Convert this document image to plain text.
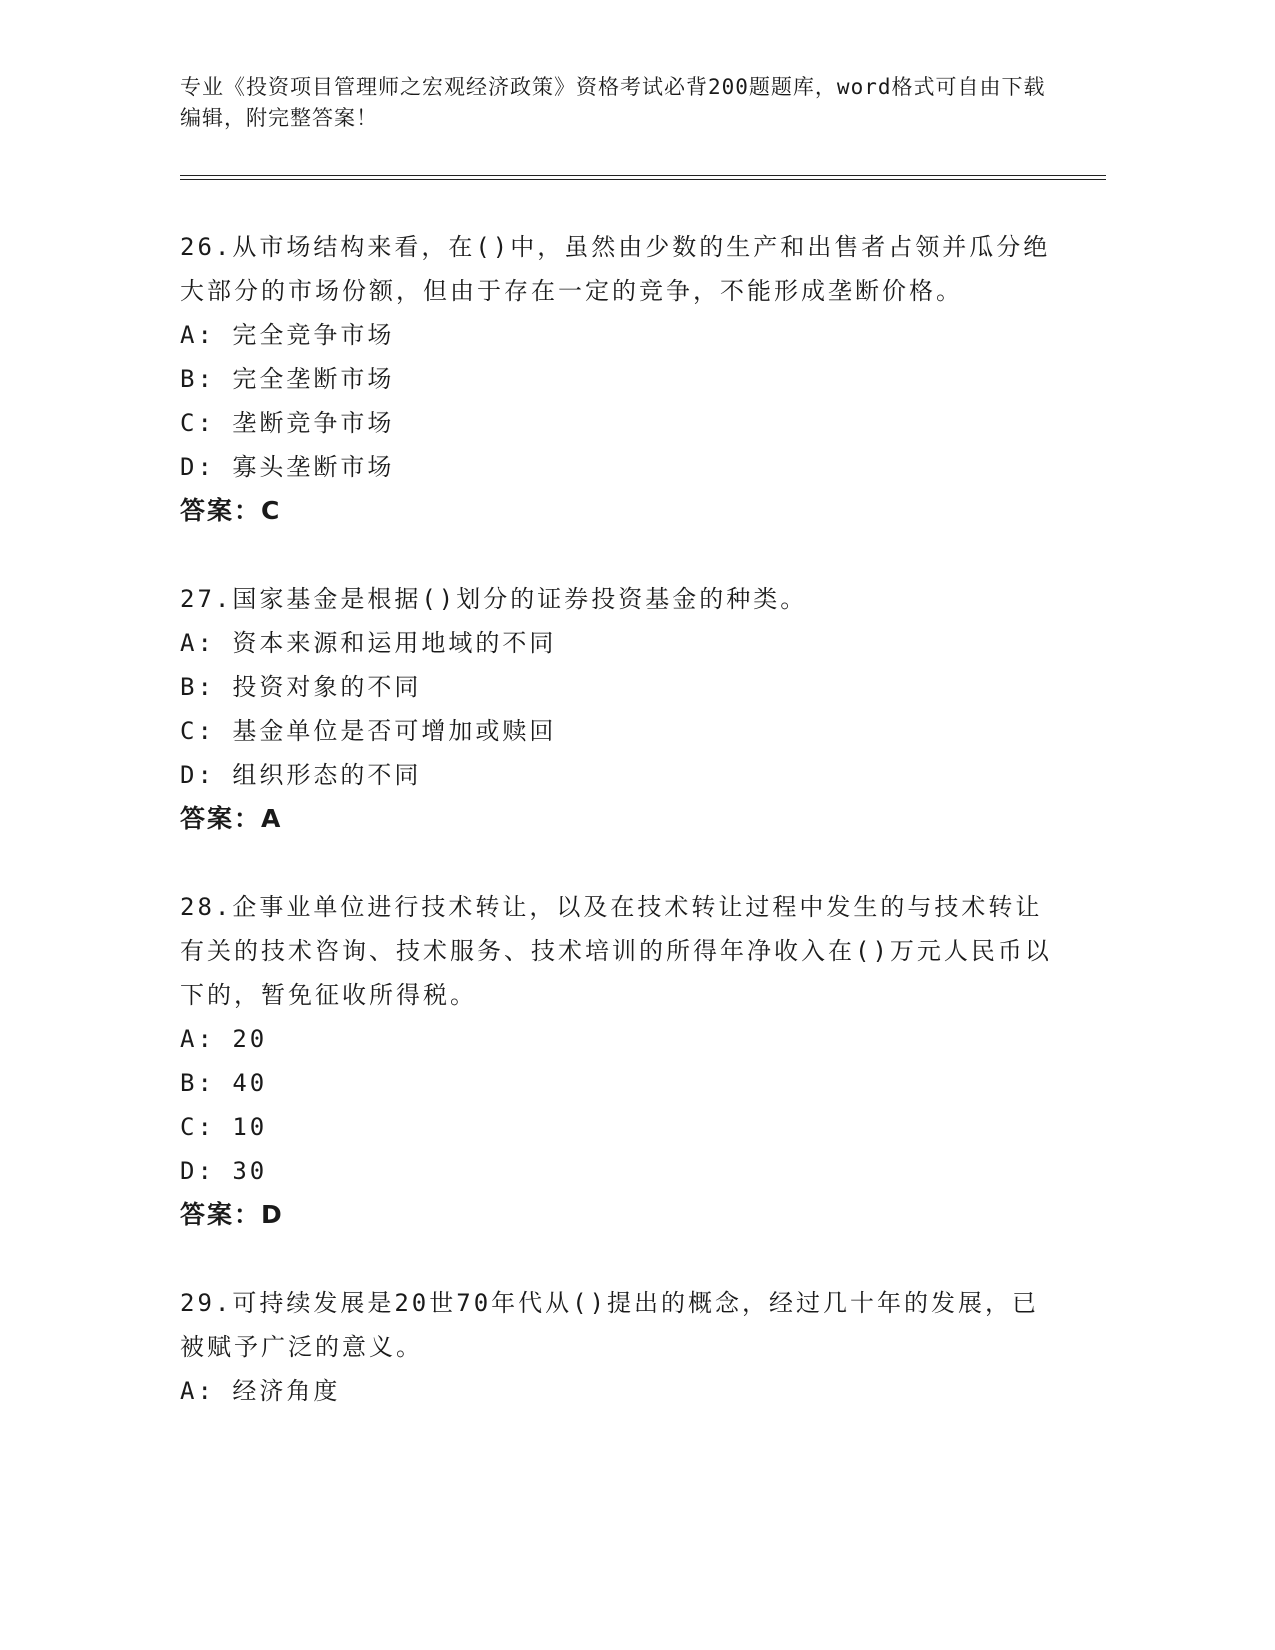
专业《投资项目管理师之宏观经济政策》资格考试必背200题题库，word格式可自由下载编辑，附完整答案！

26.从市场结构来看，在()中，虽然由少数的生产和出售者占领并瓜分绝大部分的市场份额，但由于存在一定的竞争，不能形成垄断价格。

A: 完全竞争市场

B: 完全垄断市场

C: 垄断竞争市场

D: 寡头垄断市场

答案：C

27.国家基金是根据()划分的证券投资基金的种类。

A: 资本来源和运用地域的不同

B: 投资对象的不同

C: 基金单位是否可增加或赎回

D: 组织形态的不同

答案：A

28.企事业单位进行技术转让，以及在技术转让过程中发生的与技术转让有关的技术咨询、技术服务、技术培训的所得年净收入在()万元人民币以下的，暂免征收所得税。

A: 20

B: 40

C: 10

D: 30

答案：D

29.可持续发展是20世70年代从()提出的概念，经过几十年的发展，已被赋予广泛的意义。

A: 经济角度
